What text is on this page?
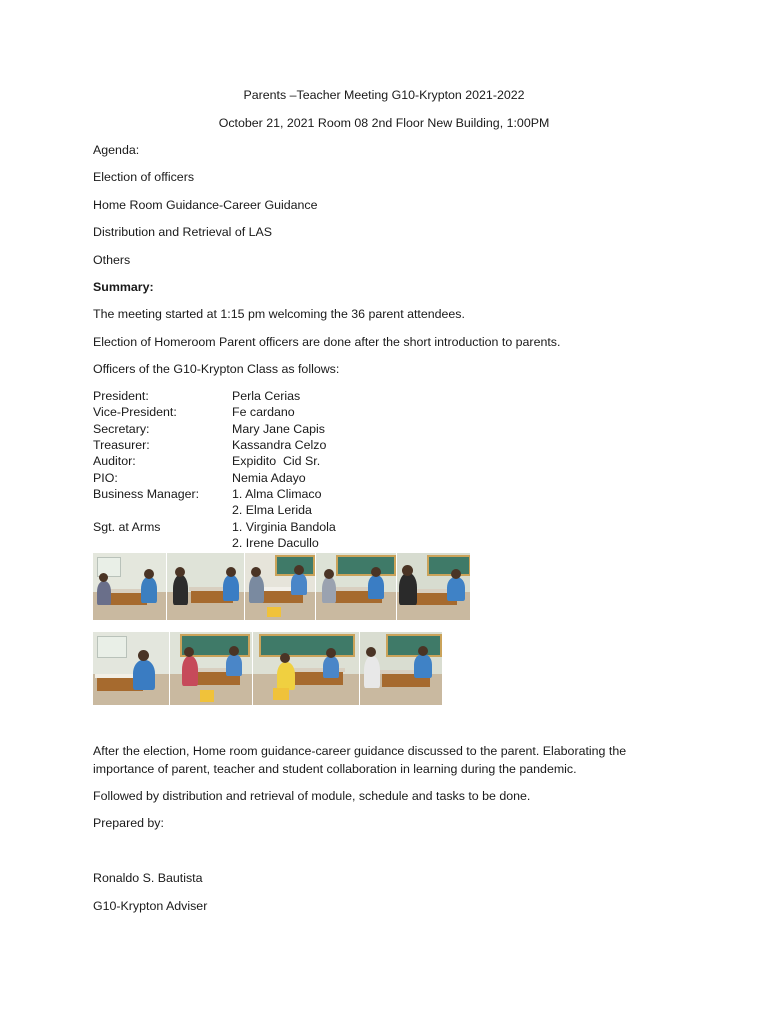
Parents –Teacher Meeting G10-Krypton 2021-2022
October 21, 2021 Room 08 2nd Floor New Building, 1:00PM
Agenda:
Election of officers
Home Room Guidance-Career Guidance
Distribution and Retrieval of LAS
Others
Summary:
The meeting started at 1:15 pm welcoming the 36 parent attendees.
Election of Homeroom Parent officers are done after the short introduction to parents.
Officers of the G10-Krypton Class as follows:
President:	Perla Cerias
Vice-President:	Fe cardano
Secretary:	Mary Jane Capis
Treasurer:	Kassandra Celzo
Auditor:	Expidito  Cid Sr.
PIO:	Nemia Adayo
Business Manager:	1. Alma Climaco
2. Elma Lerida
Sgt. at Arms	1. Virginia Bandola
2. Irene Dacullo
After the election, Home room guidance-career guidance discussed to the parent. Elaborating the importance of parent, teacher and student collaboration in learning during the pandemic.
Followed by distribution and retrieval of module, schedule and tasks to be done.
Prepared by:
Ronaldo S. Bautista
G10-Krypton Adviser
